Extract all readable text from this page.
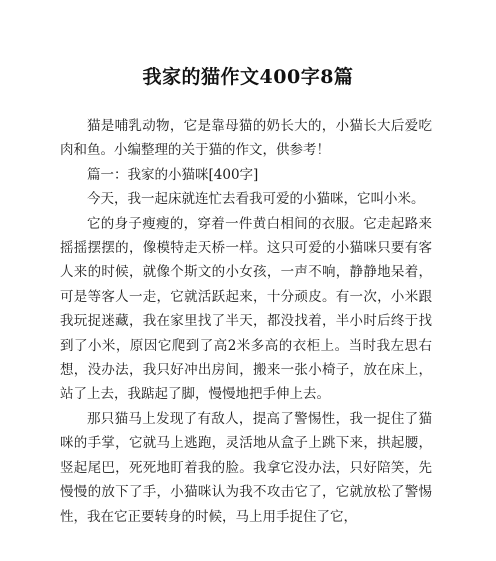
我家的猫作文400字8篇

猫是哺乳动物，它是靠母猫的奶长大的，小猫长大后爱吃肉和鱼。小编整理的关于猫的作文，供参考！

篇一：我家的小猫咪[400字]

今天，我一起床就连忙去看我可爱的小猫咪，它叫小米。

它的身子瘦瘦的，穿着一件黄白相间的衣服。它走起路来摇摇摆摆的，像模特走天桥一样。这只可爱的小猫咪只要有客人来的时候，就像个斯文的小女孩，一声不响，静静地呆着，可是等客人一走，它就活跃起来，十分顽皮。有一次，小米跟我玩捉迷藏，我在家里找了半天，都没找着，半小时后终于找到了小米，原因它爬到了高2米多高的衣柜上。当时我左思右想，没办法，我只好冲出房间，搬来一张小椅子，放在床上，站了上去，我踮起了脚，慢慢地把手伸上去。

那只猫马上发现了有敌人，提高了警惕性，我一捉住了猫咪的手掌，它就马上逃跑，灵活地从盒子上跳下来，拱起腰，竖起尾巴，死死地盯着我的脸。我拿它没办法，只好陪笑，先慢慢的放下了手，小猫咪认为我不攻击它了，它就放松了警惕性，我在它正要转身的时候，马上用手捉住了它，
